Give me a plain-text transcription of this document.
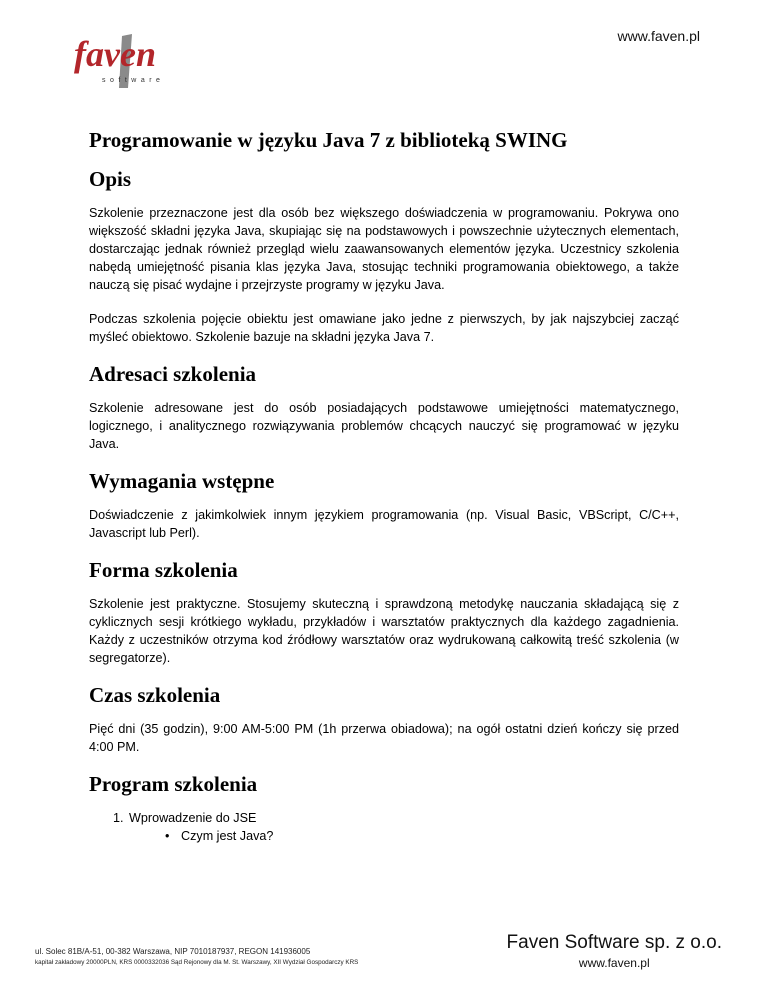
www.faven.pl
faven
software
Programowanie w języku Java 7 z biblioteką SWING
Opis

Szkolenie przeznaczone jest dla osób bez większego doświadczenia w programowaniu. Pokrywa ono większość składni języka Java, skupiając się na podstawowych i powszechnie użytecznych elementach, dostarczając jednak również przegląd wielu zaawansowanych elementów języka. Uczestnicy szkolenia nabędą umiejętność pisania klas języka Java, stosując techniki programowania obiektowego, a także nauczą się pisać wydajne i przejrzyste programy w języku Java.

Podczas szkolenia pojęcie obiektu jest omawiane jako jedne z pierwszych, by jak najszybciej zacząć myśleć obiektowo. Szkolenie bazuje na składni języka Java 7.

Adresaci szkolenia

Szkolenie adresowane jest do osób posiadających podstawowe umiejętności matematycznego, logicznego, i analitycznego rozwiązywania problemów chcących nauczyć się programować w języku Java.

Wymagania wstępne

Doświadczenie z jakimkolwiek innym językiem programowania (np. Visual Basic, VBScript, C/C++, Javascript lub Perl).

Forma szkolenia

Szkolenie jest praktyczne. Stosujemy skuteczną i sprawdzoną metodykę nauczania składającą się z cyklicznych sesji krótkiego wykładu, przykładów i warsztatów praktycznych dla każdego zagadnienia. Każdy z uczestników otrzyma kod źródłowy warsztatów oraz wydrukowaną całkowitą treść szkolenia (w segregatorze).

Czas szkolenia

Pięć dni (35 godzin), 9:00 AM-5:00 PM (1h przerwa obiadowa); na ogół ostatni dzień kończy się przed 4:00 PM.

Program szkolenia
1. Wprowadzenie do JSE
• Czym jest Java?
ul. Solec 81B/A-51, 00-382 Warszawa, NIP 7010187937, REGON 141936005
kapitał zakładowy 20000PLN, KRS 0000332036 Sąd Rejonowy dla M. St. Warszawy, XII Wydział Gospodarczy KRS
Faven Software sp. z o.o.
www.faven.pl
